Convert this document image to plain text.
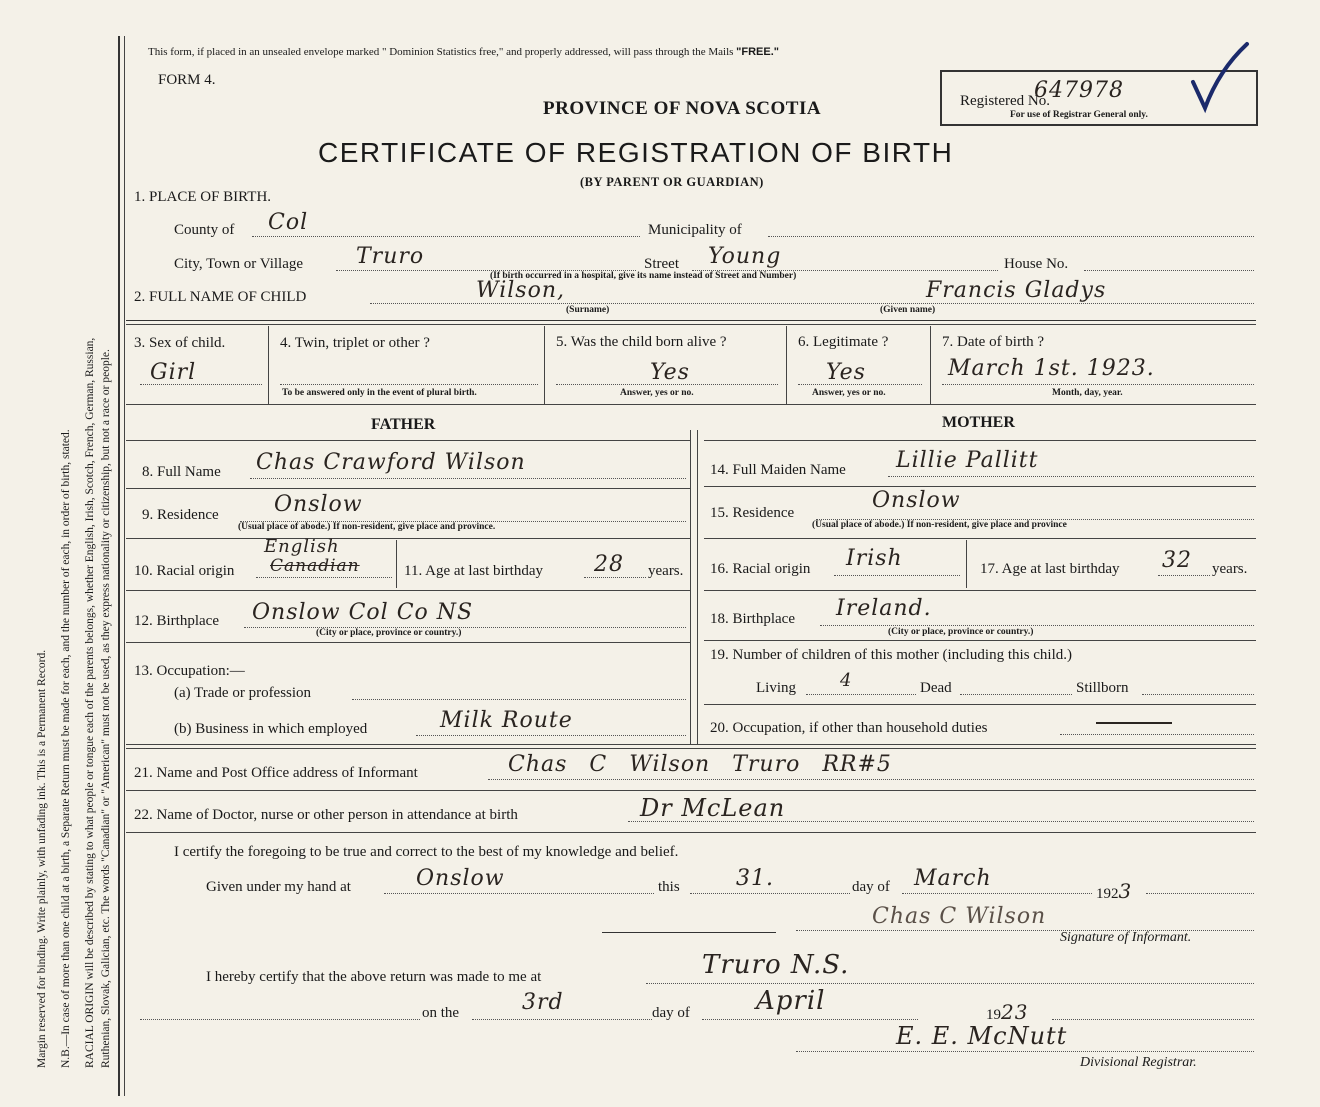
Margin reserved for binding. Write plainly, with unfading ink. This is a Permanent Record. N.B.—In case of more than one child at a birth, a Separate Return must be made for each, and the number of each, in order of birth, stated. RACIAL ORIGIN will be described by stating to what people or tongue each of the parents belongs, whether English, Irish, Scotch, French, German, Russian, Ruthenian, Slovak, Galician, etc. The words "Canadian" or "American" must not be used, as they express nationality or citizenship, but not a race or people.
This form, if placed in an unsealed envelope marked " Dominion Statistics free," and properly addressed, will pass through the Mails "FREE."
FORM 4.
PROVINCE OF NOVA SCOTIA
CERTIFICATE OF REGISTRATION OF BIRTH
(BY PARENT OR GUARDIAN)
Registered No.
647978
For use of Registrar General only.
1. PLACE OF BIRTH.
County of Col	Municipality of
City, Town or Village Truro	Street Young	House No.
(If birth occurred in a hospital, give its name instead of Street and Number)
2. FULL NAME OF CHILD	Wilson,	Francis Gladys
(Surname)	(Given name)
3. Sex of child.
Girl
4. Twin, triplet or other ?
To be answered only in the event of plural birth.
5. Was the child born alive ?
Yes
Answer, yes or no.
6. Legitimate ?
Yes
Answer, yes or no.
7. Date of birth ?
March 1st. 1923.
Month, day, year.
FATHER	MOTHER
8. Full Name Chas Crawford Wilson
9. Residence	Onslow
(Usual place of abode.) If non-resident, give place and province.
10. Racial origin
English
Canadian	11. Age at last birthday 28 years.
12. Birthplace Onslow Col Co NS
(City or place, province or country.)
13. Occupation:—
(a) Trade or profession
(b) Business in which employed	Milk Route
14. Full Maiden Name Lillie Pallitt
15. Residence	Onslow
(Usual place of abode.) If non-resident, give place and province
16. Racial origin Irish	17. Age at last birthday 32 years.
18. Birthplace Ireland.
(City or place, province or country.)
19. Number of children of this mother (including this child.)
Living 4	Dead	Stillborn
20. Occupation, if other than household duties
21. Name and Post Office address of Informant	Chas C Wilson Truro RR#5
22. Name of Doctor, nurse or other person in attendance at birth	Dr McLean
I certify the foregoing to be true and correct to the best of my knowledge and belief.
Given under my hand at	Onslow	this	31.	day of March
1923
Chas C Wilson
Signature of Informant.
I hereby certify that the above return was made to me at	Truro N.S.
on the	3rd	day of	April	1923
E. E. McNutt
Divisional Registrar.
